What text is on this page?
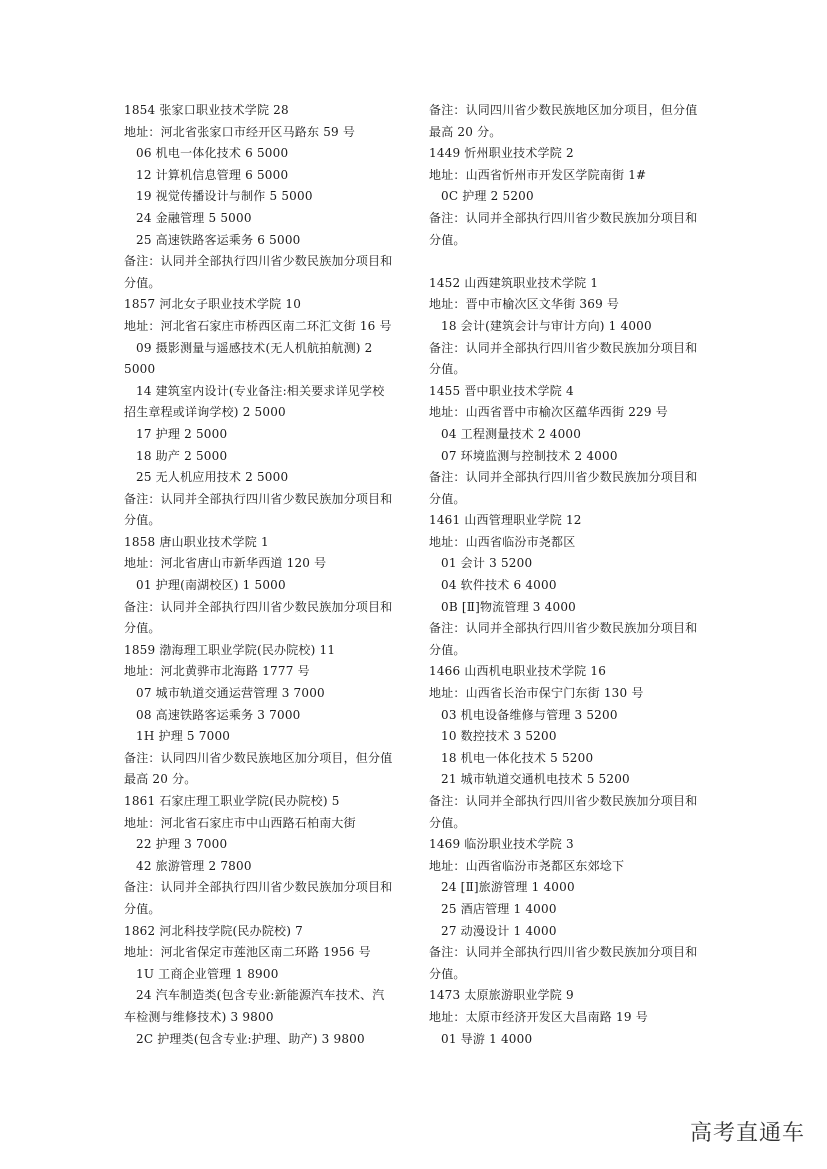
1854 张家口职业技术学院 28
地址：河北省张家口市经开区马路东 59 号
06 机电一体化技术 6 5000
12 计算机信息管理 6 5000
19 视觉传播设计与制作 5 5000
24 金融管理 5 5000
25 高速铁路客运乘务 6 5000
备注：认同并全部执行四川省少数民族加分项目和
分值。
1857 河北女子职业技术学院 10
地址：河北省石家庄市桥西区南二环汇文街 16 号
09 摄影测量与遥感技术(无人机航拍航测) 2
5000
14 建筑室内设计(专业备注:相关要求详见学校
招生章程或详询学校) 2 5000
17 护理 2 5000
18 助产 2 5000
25 无人机应用技术 2 5000
备注：认同并全部执行四川省少数民族加分项目和
分值。
1858 唐山职业技术学院 1
地址：河北省唐山市新华西道 120 号
01 护理(南湖校区) 1 5000
备注：认同并全部执行四川省少数民族加分项目和
分值。
1859 渤海理工职业学院(民办院校) 11
地址：河北黄骅市北海路 1777 号
07 城市轨道交通运营管理 3 7000
08 高速铁路客运乘务 3 7000
1H 护理 5 7000
备注：认同四川省少数民族地区加分项目，但分值
最高 20 分。
1861 石家庄理工职业学院(民办院校) 5
地址：河北省石家庄市中山西路石柏南大街
22 护理 3 7000
42 旅游管理 2 7800
备注：认同并全部执行四川省少数民族加分项目和
分值。
1862 河北科技学院(民办院校) 7
地址：河北省保定市莲池区南二环路 1956 号
1U 工商企业管理 1 8900
24 汽车制造类(包含专业:新能源汽车技术、汽
车检测与维修技术) 3 9800
2C 护理类(包含专业:护理、助产) 3 9800
备注：认同四川省少数民族地区加分项目，但分值
最高 20 分。
1449 忻州职业技术学院 2
地址：山西省忻州市开发区学院南街 1#
0C 护理 2 5200
备注：认同并全部执行四川省少数民族加分项目和
分值。
1452 山西建筑职业技术学院 1
地址：晋中市榆次区文华街 369 号
18 会计(建筑会计与审计方向) 1 4000
备注：认同并全部执行四川省少数民族加分项目和
分值。
1455 晋中职业技术学院 4
地址：山西省晋中市榆次区蕴华西街 229 号
04 工程测量技术 2 4000
07 环境监测与控制技术 2 4000
备注：认同并全部执行四川省少数民族加分项目和
分值。
1461 山西管理职业学院 12
地址：山西省临汾市尧都区
01 会计 3 5200
04 软件技术 6 4000
0B [Ⅱ]物流管理 3 4000
备注：认同并全部执行四川省少数民族加分项目和
分值。
1466 山西机电职业技术学院 16
地址：山西省长治市保宁门东街 130 号
03 机电设备维修与管理 3 5200
10 数控技术 3 5200
18 机电一体化技术 5 5200
21 城市轨道交通机电技术 5 5200
备注：认同并全部执行四川省少数民族加分项目和
分值。
1469 临汾职业技术学院 3
地址：山西省临汾市尧都区东郊埝下
24 [Ⅱ]旅游管理 1 4000
25 酒店管理 1 4000
27 动漫设计 1 4000
备注：认同并全部执行四川省少数民族加分项目和
分值。
1473 太原旅游职业学院 9
地址：太原市经济开发区大昌南路 19 号
01 导游 1 4000
高考直通车
